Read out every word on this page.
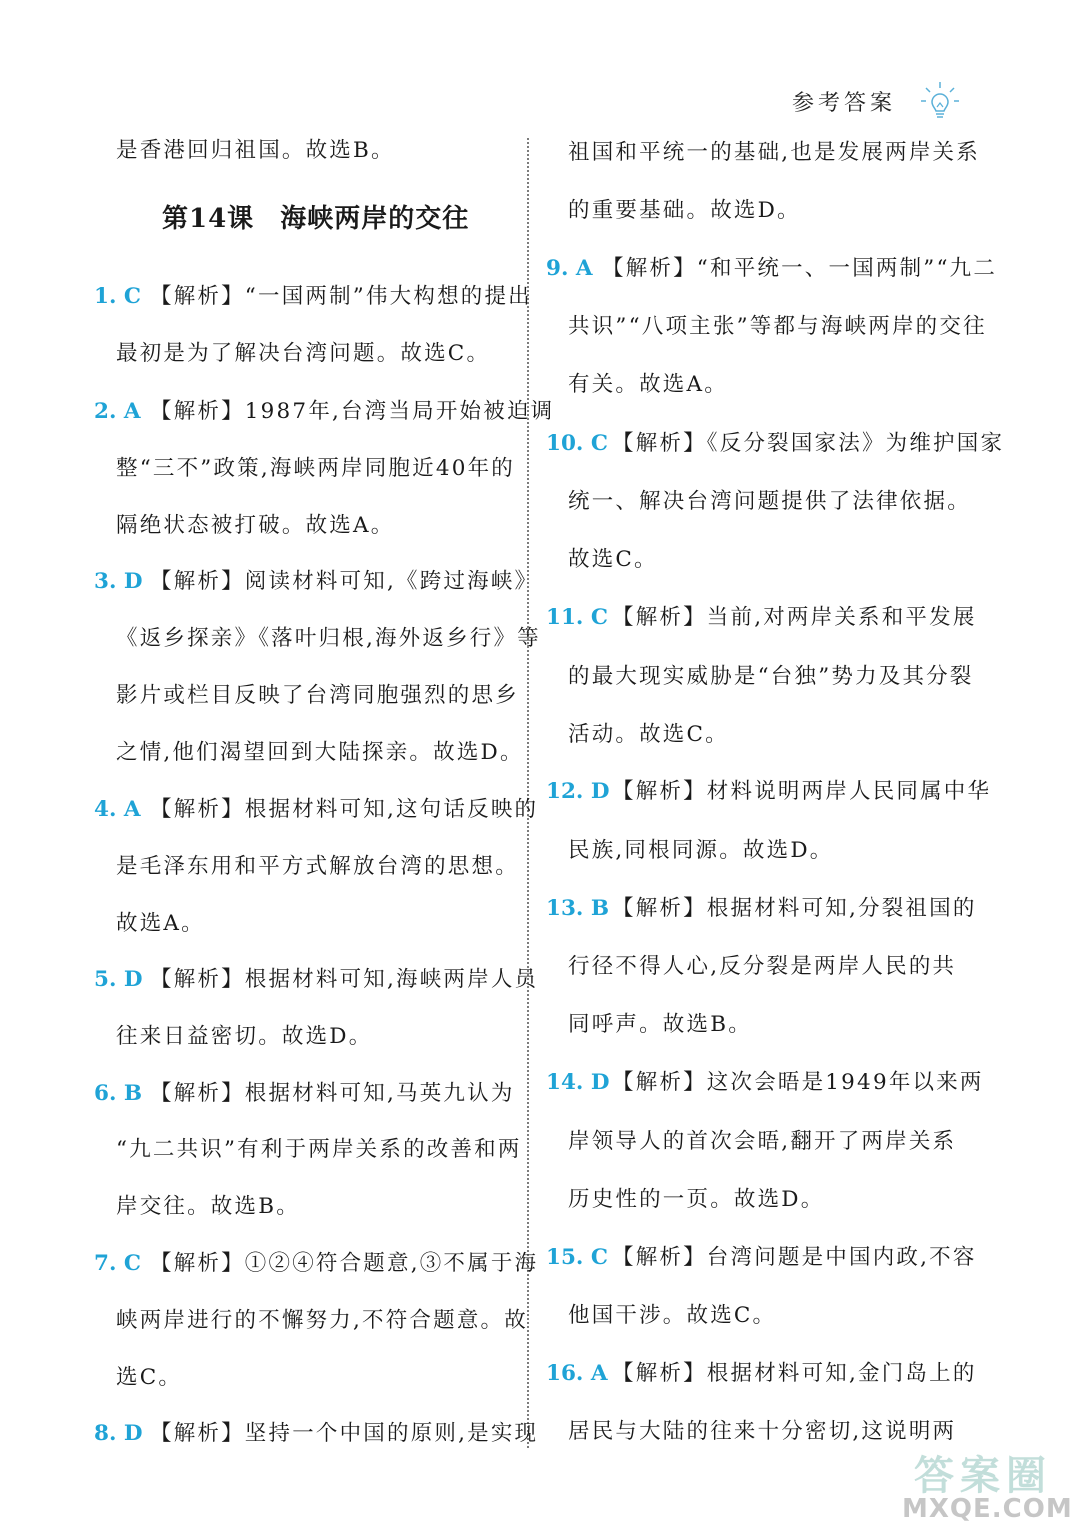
参考答案
第14课 海峡两岸的交往
是香港回归祖国。故选B。
1. C 【解析】“一国两制”伟大构想的提出
最初是为了解决台湾问题。故选C。
2. A 【解析】1987年,台湾当局开始被迫调
整“三不”政策,海峡两岸同胞近40年的
隔绝状态被打破。故选A。
3. D 【解析】阅读材料可知,《跨过海峡》
《返乡探亲》《落叶归根,海外返乡行》等
影片或栏目反映了台湾同胞强烈的思乡
之情,他们渴望回到大陆探亲。故选D。
4. A 【解析】根据材料可知,这句话反映的
是毛泽东用和平方式解放台湾的思想。
故选A。
5. D 【解析】根据材料可知,海峡两岸人员
往来日益密切。故选D。
6. B 【解析】根据材料可知,马英九认为
“九二共识”有利于两岸关系的改善和两
岸交往。故选B。
7. C 【解析】①②④符合题意,③不属于海
峡两岸进行的不懈努力,不符合题意。故
选C。
8. D 【解析】坚持一个中国的原则,是实现
祖国和平统一的基础,也是发展两岸关系
的重要基础。故选D。
9. A 【解析】“和平统一、一国两制”“九二
共识”“八项主张”等都与海峡两岸的交往
有关。故选A。
10. C 【解析】《反分裂国家法》为维护国家
统一、解决台湾问题提供了法律依据。
故选C。
11. C 【解析】当前,对两岸关系和平发展
的最大现实威胁是“台独”势力及其分裂
活动。故选C。
12. D 【解析】材料说明两岸人民同属中华
民族,同根同源。故选D。
13. B 【解析】根据材料可知,分裂祖国的
行径不得人心,反分裂是两岸人民的共
同呼声。故选B。
14. D 【解析】这次会晤是1949年以来两
岸领导人的首次会晤,翻开了两岸关系
历史性的一页。故选D。
15. C 【解析】台湾问题是中国内政,不容
他国干涉。故选C。
16. A 【解析】根据材料可知,金门岛上的
居民与大陆的往来十分密切,这说明两
答案圈
MXQE.COM
